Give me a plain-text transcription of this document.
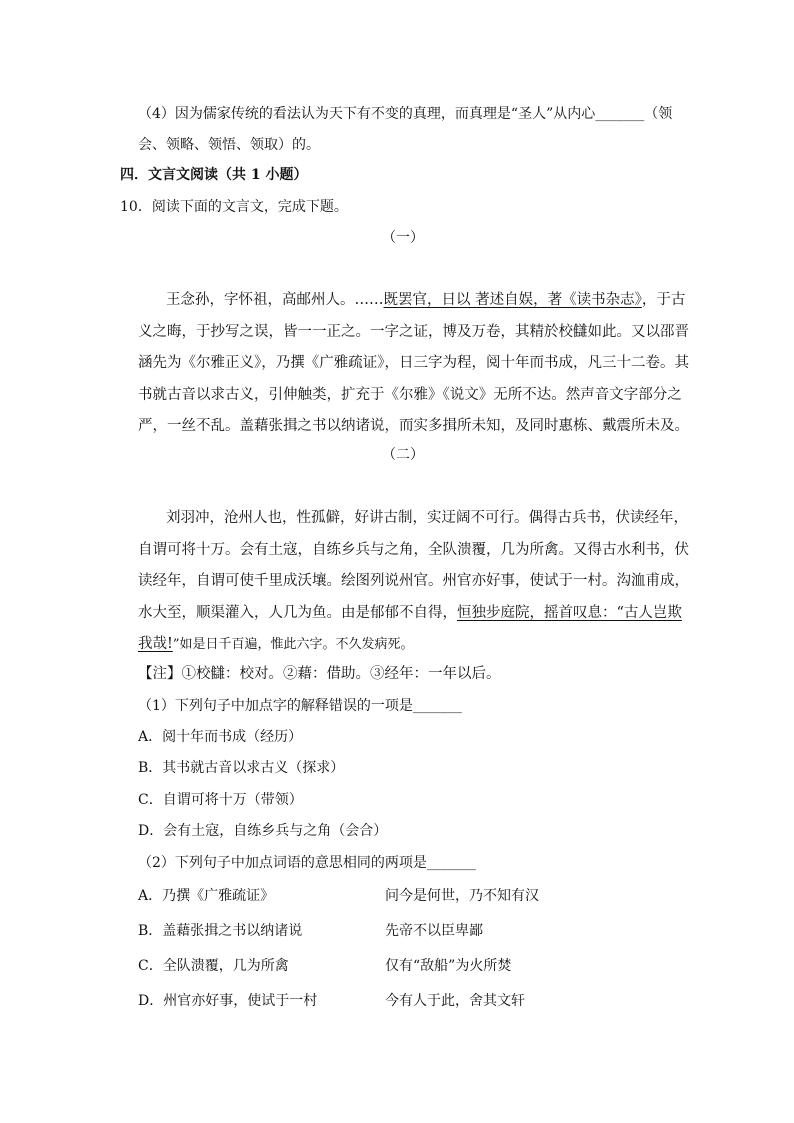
（4）因为儒家传统的看法认为天下有不变的真理，而真理是“圣人”从内心_______（领
会、领略、领悟、领取）的。
四．文言文阅读（共 1 小题）
10．阅读下面的文言文，完成下题。
（一）
王念孙，字怀祖，高邮州人。……既罢官，日以 著述自娱，著《读书杂志》，于古
义之晦，于抄写之误，皆一一正之。一字之证，博及万卷，其精於校讎如此。又以邵晋
涵先为《尔雅正义》，乃撰《广雅疏证》，日三字为程，阅十年而书成，凡三十二卷。其
书就古音以求古义，引伸触类，扩充于《尔雅》《说文》无所不达。然声音文字部分之
严，一丝不乱。盖藉张揖之书以纳诸说，而实多揖所未知，及同时惠栋、戴震所未及。
（二）
刘羽冲，沧州人也，性孤僻，好讲古制，实迂阔不可行。偶得古兵书，伏读经年，
自谓可将十万。会有土寇，自练乡兵与之角，全队溃覆，几为所禽。又得古水利书，伏
读经年，自谓可使千里成沃壤。绘图列说州官。州官亦好事，使试于一村。沟洫甫成，
水大至，顺渠灌入，人几为鱼。由是郁郁不自得，恒独步庭院，摇首叹息：“古人岂欺
我哉!”如是日千百遍，惟此六字。不久发病死。
【注】①校讎：校对。②藉：借助。③经年：一年以后。
（1）下列句子中加点字的解释错误的一项是_______
A．阅十年而书成（经历）
B．其书就古音以求古义（探求）
C．自谓可将十万（带领）
D．会有土寇，自练乡兵与之角（会合）
（2）下列句子中加点词语的意思相同的两项是_______
A．乃撰《广雅疏证》	问今是何世，乃不知有汉
B．盖藉张揖之书以纳诸说	先帝不以臣卑鄙
C．全队溃覆，几为所禽	仅有“敌船”为火所焚
D．州官亦好事，使试于一村	今有人于此，舍其文轩
